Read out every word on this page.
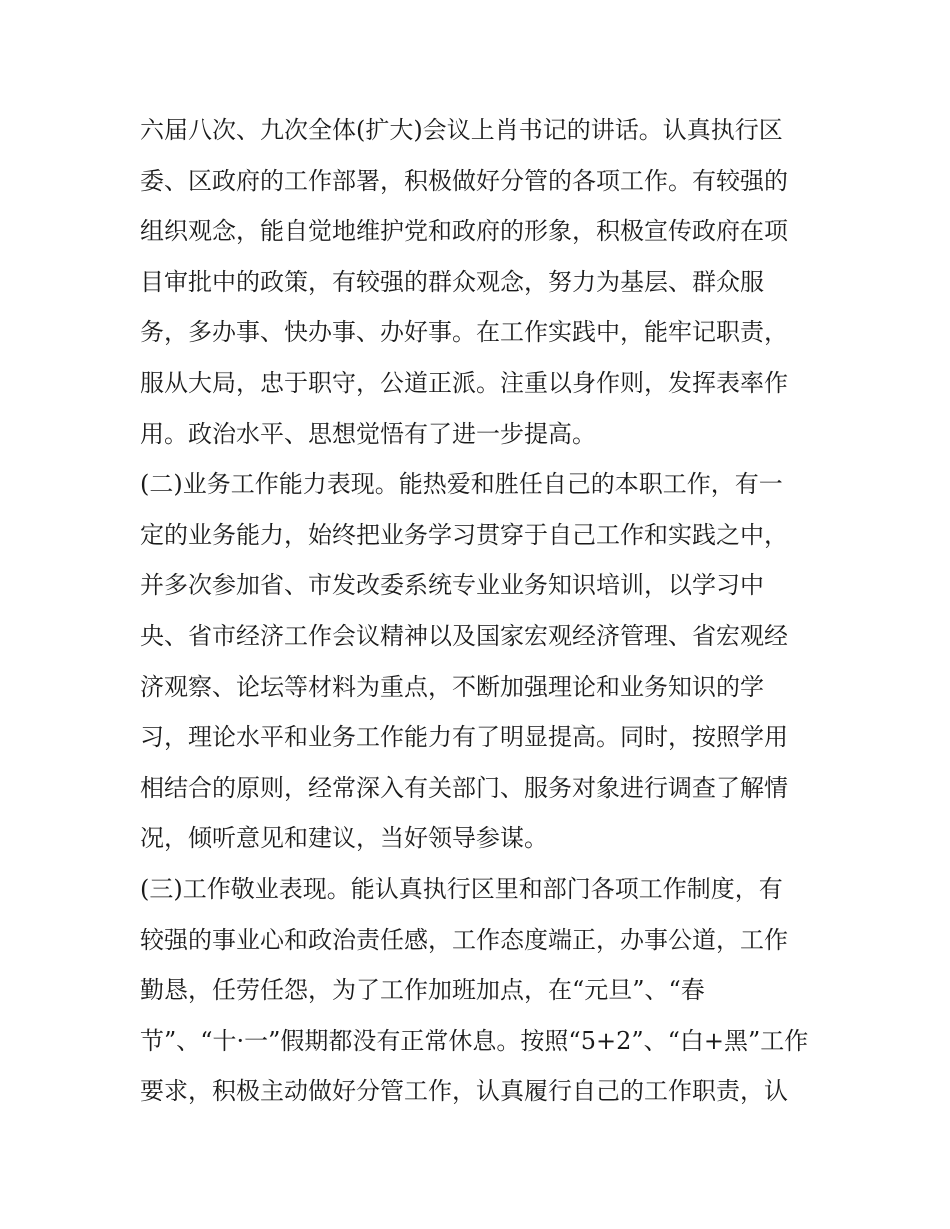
六届八次、九次全体(扩大)会议上肖书记的讲话。认真执行区
委、区政府的工作部署，积极做好分管的各项工作。有较强的
组织观念，能自觉地维护党和政府的形象，积极宣传政府在项
目审批中的政策，有较强的群众观念，努力为基层、群众服
务，多办事、快办事、办好事。在工作实践中，能牢记职责，
服从大局，忠于职守，公道正派。注重以身作则，发挥表率作
用。政治水平、思想觉悟有了进一步提高。
(二)业务工作能力表现。能热爱和胜任自己的本职工作，有一
定的业务能力，始终把业务学习贯穿于自己工作和实践之中，
并多次参加省、市发改委系统专业业务知识培训，以学习中
央、省市经济工作会议精神以及国家宏观经济管理、省宏观经
济观察、论坛等材料为重点，不断加强理论和业务知识的学
习，理论水平和业务工作能力有了明显提高。同时，按照学用
相结合的原则，经常深入有关部门、服务对象进行调查了解情
况，倾听意见和建议，当好领导参谋。
(三)工作敬业表现。能认真执行区里和部门各项工作制度，有
较强的事业心和政治责任感，工作态度端正，办事公道，工作
勤恳，任劳任怨，为了工作加班加点，在“元旦”、“春
节”、“十·一”假期都没有正常休息。按照“5+2”、“白+黑”工作
要求，积极主动做好分管工作，认真履行自己的工作职责，认
